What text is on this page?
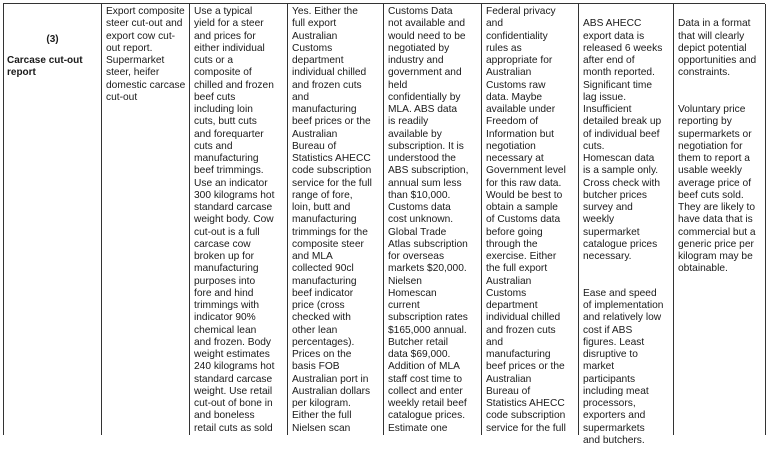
(3)
Carcase cut-out
report
Export composite
steer cut-out and
export cow cut-
out report.
Supermarket
steer, heifer
domestic carcase
cut-out
Use a typical
yield for a steer
and prices for
either individual
cuts or a
composite of
chilled and frozen
beef cuts
including loin
cuts, butt cuts
and forequarter
cuts and
manufacturing
beef trimmings.
Use an indicator
300 kilograms hot
standard carcase
weight body. Cow
cut-out is a full
carcase cow
broken up for
manufacturing
purposes into
fore and hind
trimmings with
indicator 90%
chemical lean
and frozen. Body
weight estimates
240 kilograms hot
standard carcase
weight. Use retail
cut-out of bone in
and boneless
retail cuts as sold
Yes. Either the
full export
Australian
Customs
department
individual chilled
and frozen cuts
and
manufacturing
beef prices or the
Australian
Bureau of
Statistics AHECC
code subscription
service for the full
range of fore,
loin, butt and
manufacturing
trimmings for the
composite steer
and MLA
collected 90cl
manufacturing
beef indicator
price (cross
checked with
other lean
percentages).
Prices on the
basis FOB
Australian port in
Australian dollars
per kilogram.
Either the full
Nielsen scan
Customs Data
not available and
would need to be
negotiated by
industry and
government and
held
confidentially by
MLA. ABS data
is readily
available by
subscription. It is
understood the
ABS subscription,
annual sum less
than $10,000.
Customs data
cost unknown.
Global Trade
Atlas subscription
for overseas
markets $20,000.
Nielsen
Homescan
current
subscription rates
$165,000 annual.
Butcher retail
data $69,000.
Addition of MLA
staff cost time to
collect and enter
weekly retail beef
catalogue prices.
Estimate one
Federal privacy
and
confidentiality
rules as
appropriate for
Australian
Customs raw
data. Maybe
available under
Freedom of
Information but
negotiation
necessary at
Government level
for this raw data.
Would be best to
obtain a sample
of Customs data
before going
through the
exercise. Either
the full export
Australian
Customs
department
individual chilled
and frozen cuts
and
manufacturing
beef prices or the
Australian
Bureau of
Statistics AHECC
code subscription
service for the full

ABS AHECC
export data is
released 6 weeks
after end of
month reported.
Significant time
lag issue.
Insufficient
detailed break up
of individual beef
cuts.
Homescan data
is a sample only.
Cross check with
butcher prices
survey and
weekly
supermarket
catalogue prices
necessary.

Ease and speed
of implementation
and relatively low
cost if ABS
figures. Least
disruptive to
market
participants
including meat
processors,
exporters and
supermarkets
and butchers.

Data in a format
that will clearly
depict potential
opportunities and
constraints.

Voluntary price
reporting by
supermarkets or
negotiation for
them to report a
usable weekly
average price of
beef cuts sold.
They are likely to
have data that is
commercial but a
generic price per
kilogram may be
obtainable.
